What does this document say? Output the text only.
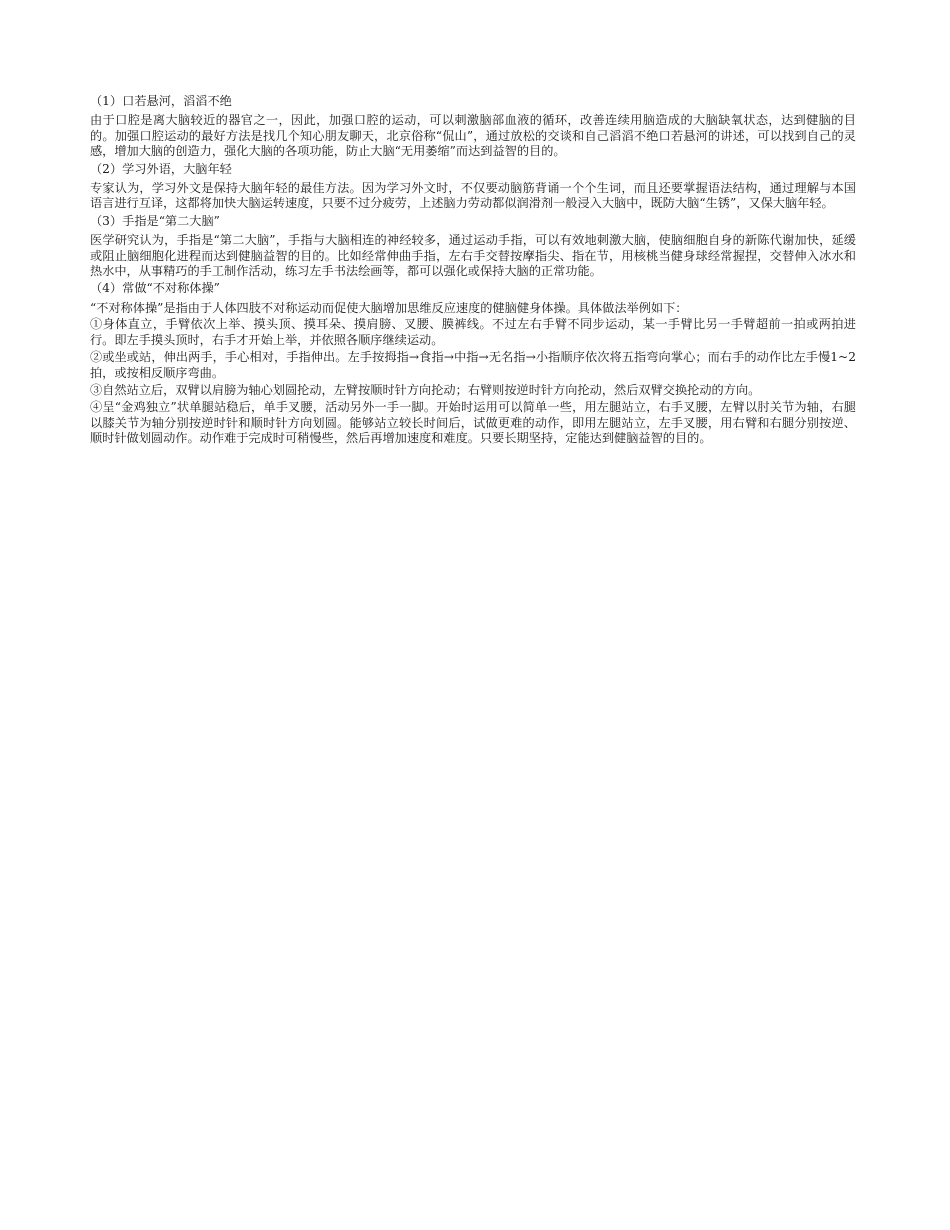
（1）口若悬河，滔滔不绝

由于口腔是离大脑较近的器官之一，因此，加强口腔的运动，可以刺激脑部血液的循环，改善连续用脑造成的大脑缺氧状态，达到健脑的目的。加强口腔运动的最好方法是找几个知心朋友聊天，北京俗称“侃山”，通过放松的交谈和自己滔滔不绝口若悬河的讲述，可以找到自己的灵感，增加大脑的创造力，强化大脑的各项功能，防止大脑“无用萎缩”而达到益智的目的。

（2）学习外语，大脑年轻

专家认为，学习外文是保持大脑年轻的最佳方法。因为学习外文时，不仅要动脑筋背诵一个个生词，而且还要掌握语法结构，通过理解与本国语言进行互译，这都将加快大脑运转速度，只要不过分疲劳，上述脑力劳动都似润滑剂一般浸入大脑中，既防大脑“生锈”，又保大脑年轻。

（3）手指是“第二大脑”

医学研究认为，手指是“第二大脑”，手指与大脑相连的神经较多，通过运动手指，可以有效地刺激大脑，使脑细胞自身的新陈代谢加快，延缓或阻止脑细胞化进程而达到健脑益智的目的。比如经常伸曲手指，左右手交替按摩指尖、指在节，用核桃当健身球经常握捏，交替伸入冰水和热水中，从事精巧的手工制作活动，练习左手书法绘画等，都可以强化或保持大脑的正常功能。

（4）常做“不对称体操”

“不对称体操”是指由于人体四肢不对称运动而促使大脑增加思维反应速度的健脑健身体操。具体做法举例如下：

①身体直立，手臂依次上举、摸头顶、摸耳朵、摸肩膀、叉腰、膜裤线。不过左右手臂不同步运动，某一手臂比另一手臂超前一拍或两拍进行。即左手摸头顶时，右手才开始上举，并依照各顺序继续运动。

②或坐或站，伸出两手，手心相对，手指伸出。左手按拇指→食指→中指→无名指→小指顺序依次将五指弯向掌心；而右手的动作比左手慢1~2拍，或按相反顺序弯曲。

③自然站立后，双臂以肩膀为轴心划圆抡动，左臂按顺时针方向抡动；右臂则按逆时针方向抡动，然后双臂交换抡动的方向。

④呈“金鸡独立”状单腿站稳后，单手叉腰，活动另外一手一脚。开始时运用可以简单一些，用左腿站立，右手叉腰，左臂以肘关节为轴，右腿以膝关节为轴分别按逆时针和顺时针方向划圆。能够站立较长时间后，试做更难的动作，即用左腿站立，左手叉腰，用右臂和右腿分别按逆、顺时针做划圆动作。动作难于完成时可稍慢些，然后再增加速度和难度。只要长期坚持，定能达到健脑益智的目的。
